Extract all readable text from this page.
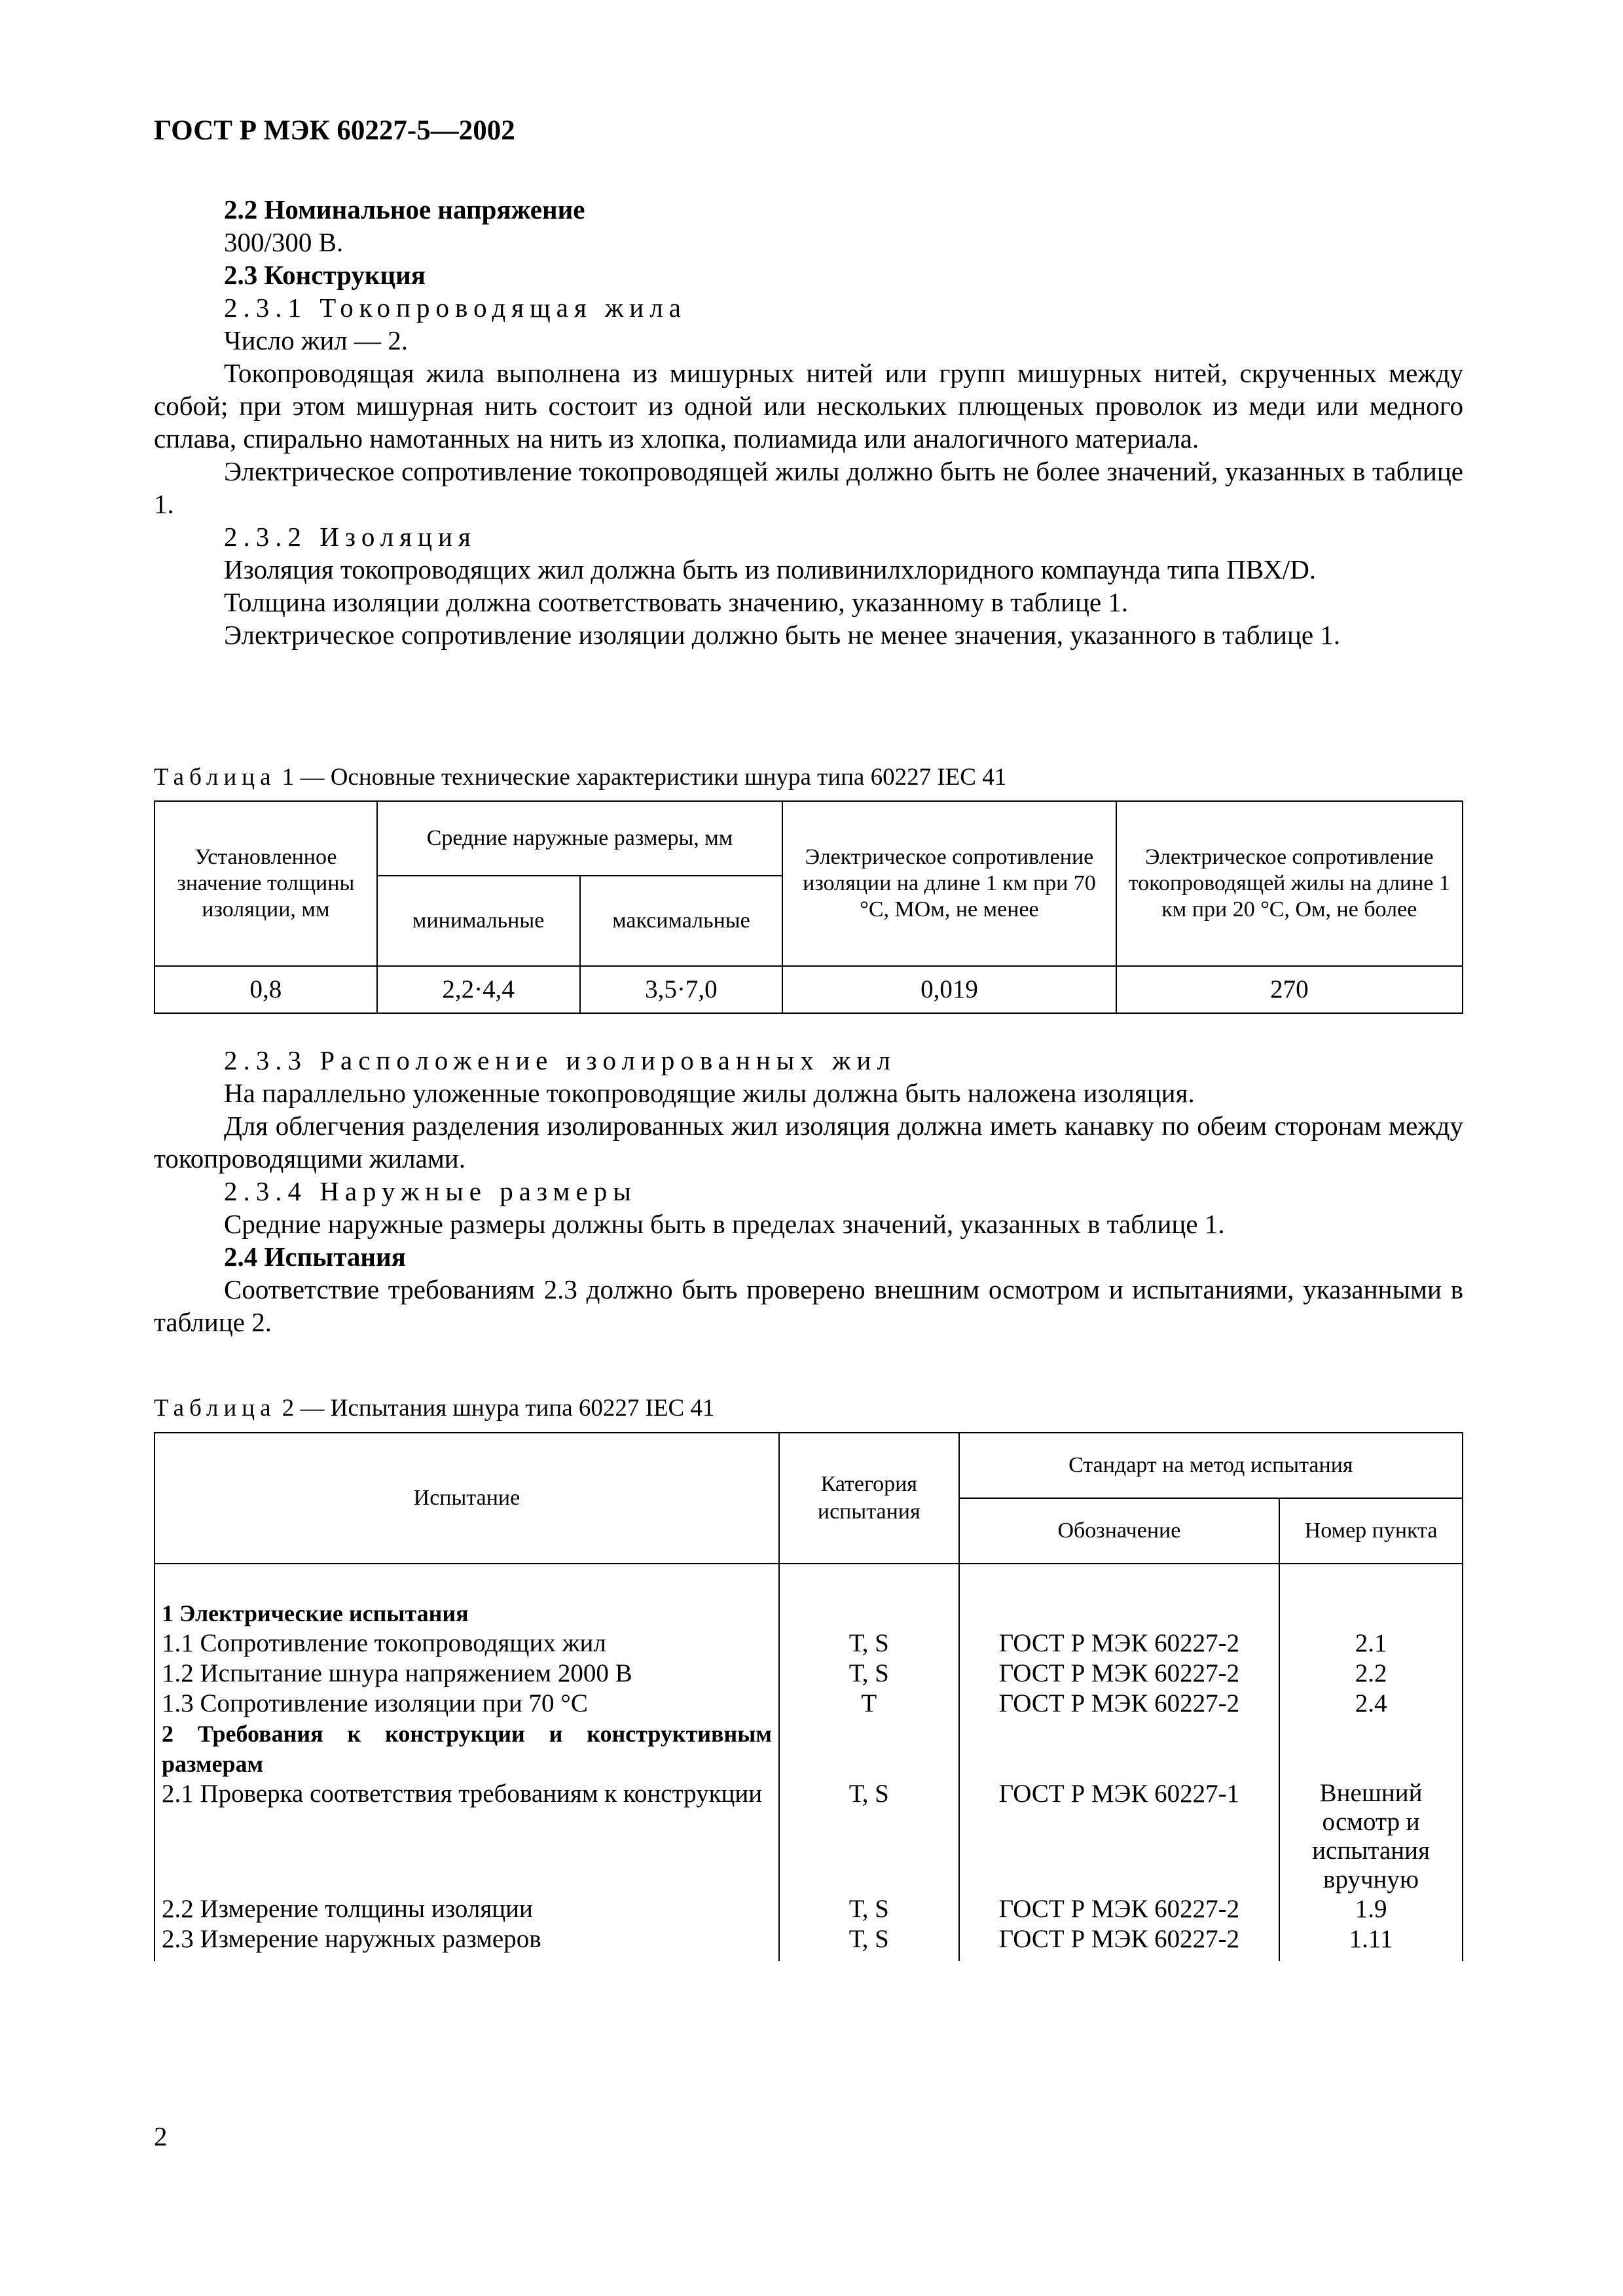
ГОСТ Р МЭК 60227-5—2002

2.2 Номинальное напряжение

300/300 В.

2.3 Конструкция

2.3.1 Токопроводящая жила

Число жил — 2.

Токопроводящая жила выполнена из мишурных нитей или групп мишурных нитей, скрученных между собой; при этом мишурная нить состоит из одной или нескольких плющеных проволок из меди или медного сплава, спирально намотанных на нить из хлопка, полиамида или аналогичного материала.

Электрическое сопротивление токопроводящей жилы должно быть не более значений, указанных в таблице 1.

2.3.2 Изоляция

Изоляция токопроводящих жил должна быть из поливинилхлоридного компаунда типа ПВХ/D.

Толщина изоляции должна соответствовать значению, указанному в таблице 1.

Электрическое сопротивление изоляции должно быть не менее значения, указанного в таблице 1.

Таблица 1 — Основные технические характеристики шнура типа 60227 IEC 41
Установленное значение толщины изоляции, мм	Средние наружные размеры, мм		Электрическое сопротивление изоляции на длине 1 км при 70 °С, МОм, не менее	Электрическое сопротивление токопроводящей жилы на длине 1 км при 20 °С, Ом, не более
	минимальные	максимальные		
0,8	2,2·4,4	3,5·7,0	0,019	270

2.3.3 Расположение изолированных жил

На параллельно уложенные токопроводящие жилы должна быть наложена изоляция.

Для облегчения разделения изолированных жил изоляция должна иметь канавку по обеим сторонам между токопроводящими жилами.

2.3.4 Наружные размеры

Средние наружные размеры должны быть в пределах значений, указанных в таблице 1.

2.4 Испытания

Соответствие требованиям 2.3 должно быть проверено внешним осмотром и испытаниями, указанными в таблице 2.

Таблица 2 — Испытания шнура типа 60227 IEC 41
Испытание	Категория испытания	Стандарт на метод испытания	
		Обозначение	Номер пункта

1 Электрические испытания			
1.1 Сопротивление токопроводящих жил	Т, S	ГОСТ Р МЭК 60227-2	2.1
1.2 Испытание шнура напряжением 2000 В	Т, S	ГОСТ Р МЭК 60227-2	2.2
1.3 Сопротивление изоляции при 70 °С	Т	ГОСТ Р МЭК 60227-2	2.4
2 Требования к конструкции и конструктивным размерам			
2.1 Проверка соответствия требованиям к конструкции	Т, S	ГОСТ Р МЭК 60227-1	Внешний осмотр и испытания вручную
2.2 Измерение толщины изоляции	Т, S	ГОСТ Р МЭК 60227-2	1.9
2.3 Измерение наружных размеров	Т, S	ГОСТ Р МЭК 60227-2	1.11
2
